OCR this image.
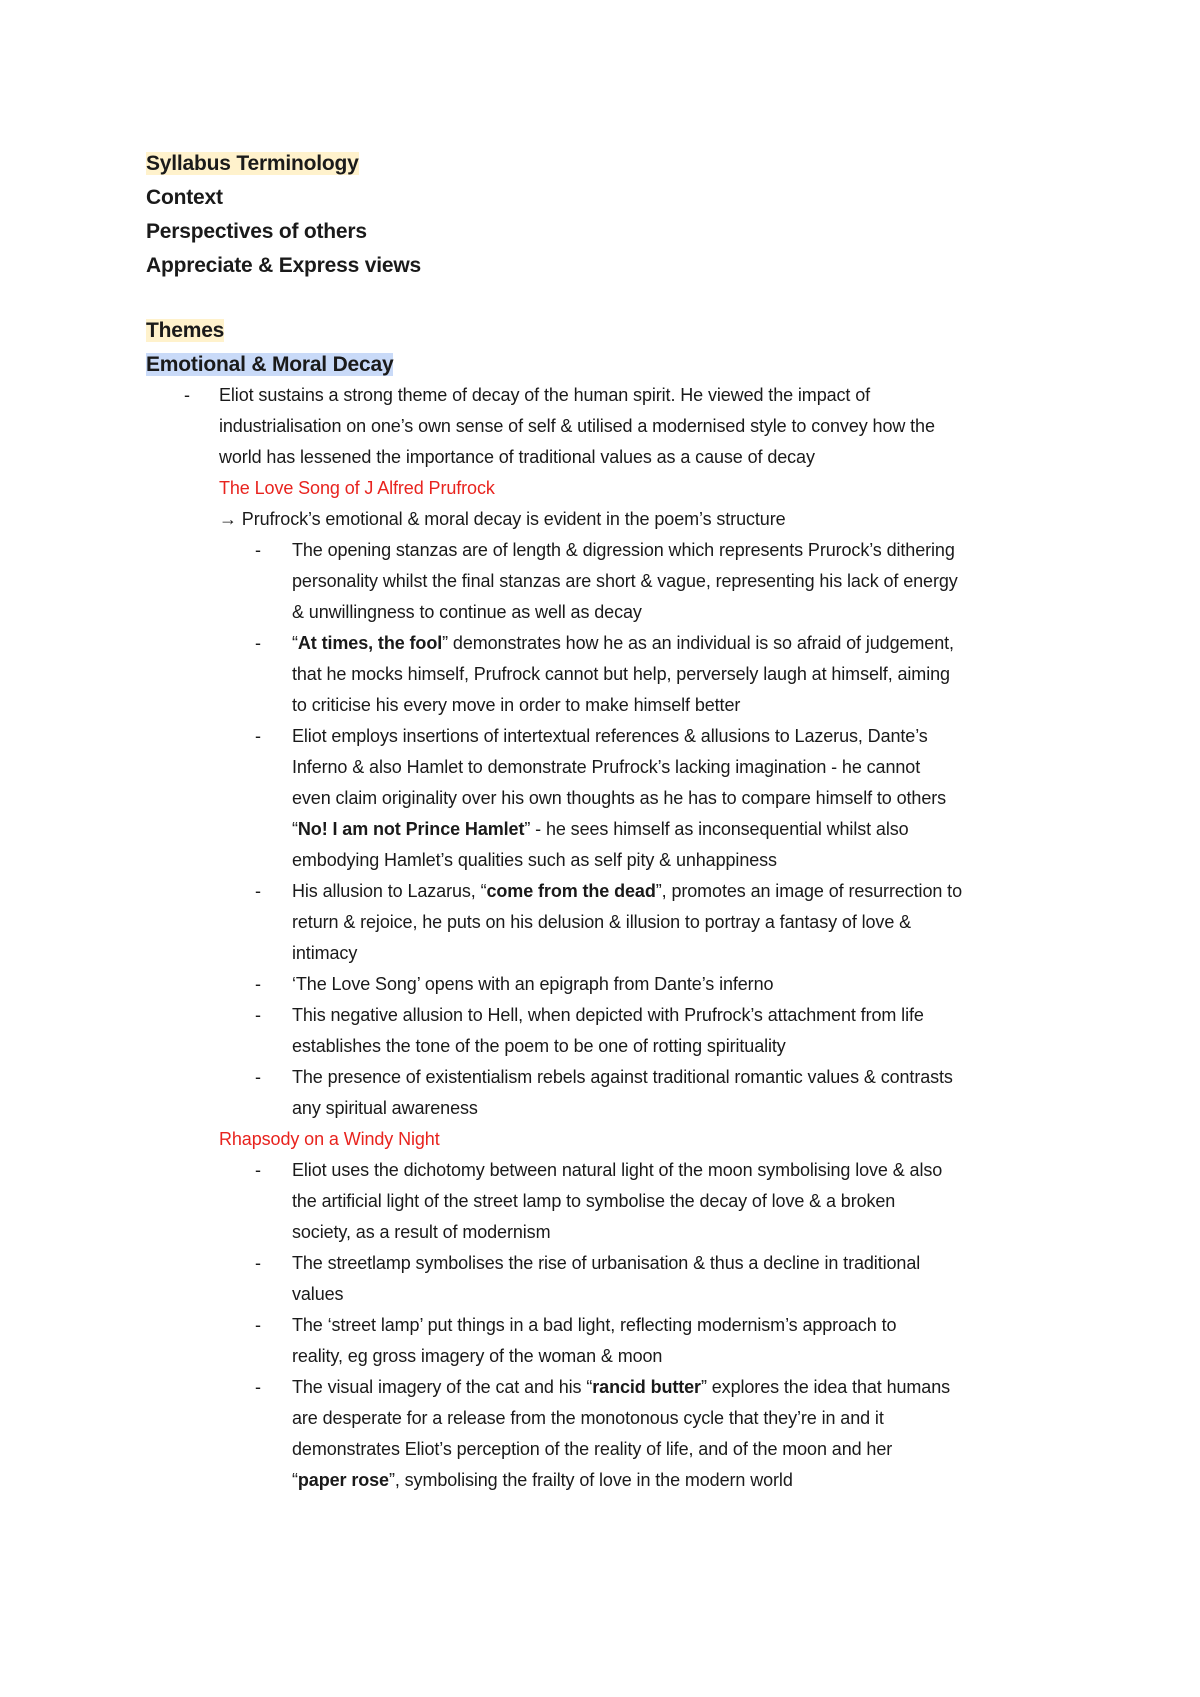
Syllabus Terminology
Context
Perspectives of others
Appreciate & Express views
Themes
Emotional & Moral Decay
- Eliot sustains a strong theme of decay of the human spirit. He viewed the impact of
industrialisation on one’s own sense of self & utilised a modernised style to convey how the
world has lessened the importance of traditional values as a cause of decay
The Love Song of J Alfred Prufrock
→ Prufrock’s emotional & moral decay is evident in the poem’s structure
- The opening stanzas are of length & digression which represents Prurock’s dithering
personality whilst the final stanzas are short & vague, representing his lack of energy
& unwillingness to continue as well as decay
- “At times, the fool” demonstrates how he as an individual is so afraid of judgement,
that he mocks himself, Prufrock cannot but help, perversely laugh at himself, aiming
to criticise his every move in order to make himself better
- Eliot employs insertions of intertextual references & allusions to Lazerus, Dante’s
Inferno & also Hamlet to demonstrate Prufrock’s lacking imagination - he cannot
even claim originality over his own thoughts as he has to compare himself to others
“No! I am not Prince Hamlet” - he sees himself as inconsequential whilst also
embodying Hamlet’s qualities such as self pity & unhappiness
- His allusion to Lazarus, “come from the dead”, promotes an image of resurrection to
return & rejoice, he puts on his delusion & illusion to portray a fantasy of love &
intimacy
- ‘The Love Song’ opens with an epigraph from Dante’s inferno
- This negative allusion to Hell, when depicted with Prufrock’s attachment from life
establishes the tone of the poem to be one of rotting spirituality
- The presence of existentialism rebels against traditional romantic values & contrasts
any spiritual awareness
Rhapsody on a Windy Night
- Eliot uses the dichotomy between natural light of the moon symbolising love & also
the artificial light of the street lamp to symbolise the decay of love & a broken
society, as a result of modernism
- The streetlamp symbolises the rise of urbanisation & thus a decline in traditional
values
- The ‘street lamp’ put things in a bad light, reflecting modernism’s approach to
reality, eg gross imagery of the woman & moon
- The visual imagery of the cat and his “rancid butter” explores the idea that humans
are desperate for a release from the monotonous cycle that they’re in and it
demonstrates Eliot’s perception of the reality of life, and of the moon and her
“paper rose”, symbolising the frailty of love in the modern world
